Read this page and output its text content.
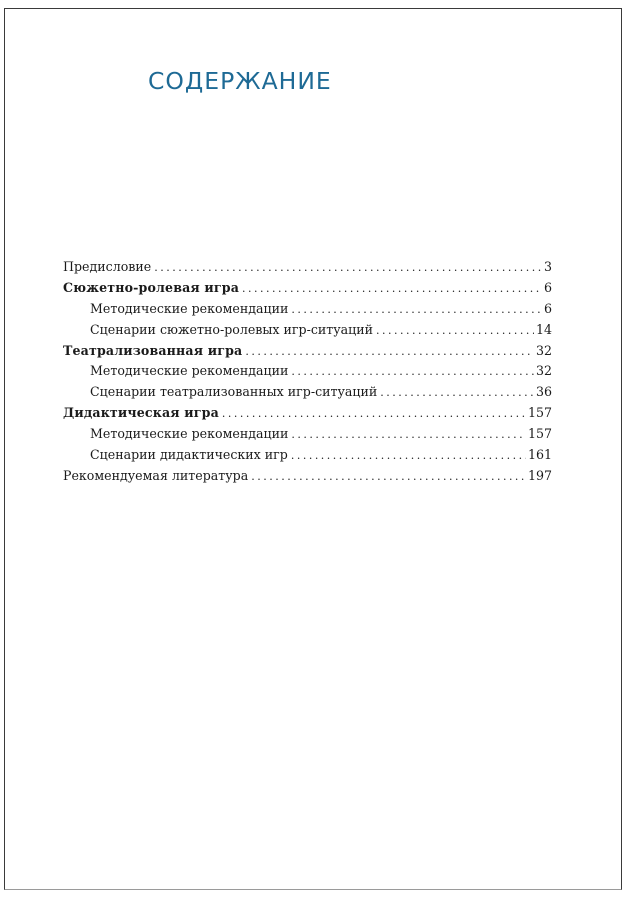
СОДЕРЖАНИЕ
Предисловие . . .	3
Сюжетно-ролевая игра . . .	6
Методические рекомендации . . .	6
Сценарии сюжетно-ролевых игр-ситуаций . . .	14
Театрализованная игра . . .	32
Методические рекомендации . . .	32
Сценарии театрализованных игр-ситуаций . . .	36
Дидактическая игра . . .	157
Методические рекомендации . . .	157
Сценарии дидактических игр . . .	161
Рекомендуемая литература . . .	197
